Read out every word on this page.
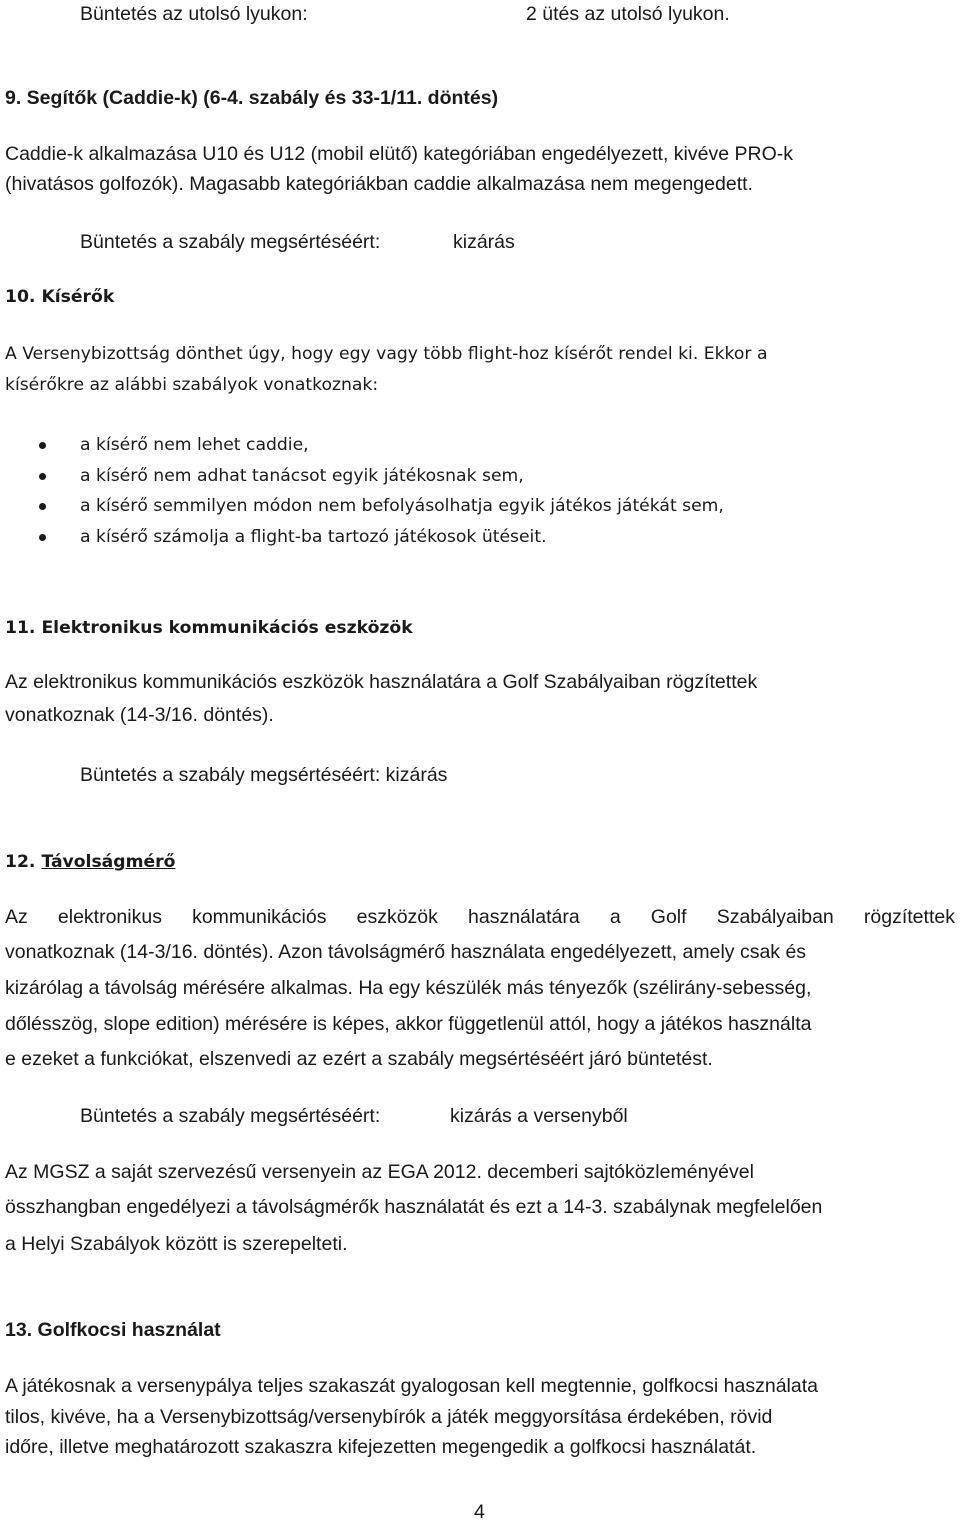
Büntetés az utolsó lyukon:	2 ütés az utolsó lyukon.
9. Segítők (Caddie-k) (6-4. szabály és 33-1/11. döntés)
Caddie-k alkalmazása U10 és U12 (mobil elütő) kategóriában engedélyezett, kivéve PRO-k
(hivatásos golfozók). Magasabb kategóriákban caddie alkalmazása nem megengedett.
Büntetés a szabály megsértéséért:	kizárás
10. Kísérők
A Versenybizottság dönthet úgy, hogy egy vagy több flight-hoz kísérőt rendel ki. Ekkor a
kísérőkre az alábbi szabályok vonatkoznak:
a kísérő nem lehet caddie,
a kísérő nem adhat tanácsot egyik játékosnak sem,
a kísérő semmilyen módon nem befolyásolhatja egyik játékos játékát sem,
a kísérő számolja a flight-ba tartozó játékosok ütéseit.
11. Elektronikus kommunikációs eszközök
Az elektronikus kommunikációs eszközök használatára a Golf Szabályaiban rögzítettek
vonatkoznak (14-3/16. döntés).
Büntetés a szabály megsértéséért: kizárás
12. Távolságmérő
Az elektronikus kommunikációs eszközök használatára a Golf Szabályaiban rögzítettek
vonatkoznak (14-3/16. döntés). Azon távolságmérő használata engedélyezett, amely csak és
kizárólag a távolság mérésére alkalmas. Ha egy készülék más tényezők (szélirány-sebesség,
dőlésszög, slope edition) mérésére is képes, akkor függetlenül attól, hogy a játékos használta
e ezeket a funkciókat, elszenvedi az ezért a szabály megsértéséért járó büntetést.
Büntetés a szabály megsértéséért:	kizárás a versenyből
Az MGSZ a saját szervezésű versenyein az EGA 2012. decemberi sajtóközleményével
összhangban engedélyezi a távolságmérők használatát és ezt a 14-3. szabálynak megfelelően
a Helyi Szabályok között is szerepelteti.
13. Golfkocsi használat
A játékosnak a versenypálya teljes szakaszát gyalogosan kell megtennie, golfkocsi használata
tilos, kivéve, ha a Versenybizottság/versenybírók a játék meggyorsítása érdekében, rövid
időre, illetve meghatározott szakaszra kifejezetten megengedik a golfkocsi használatát.
4
